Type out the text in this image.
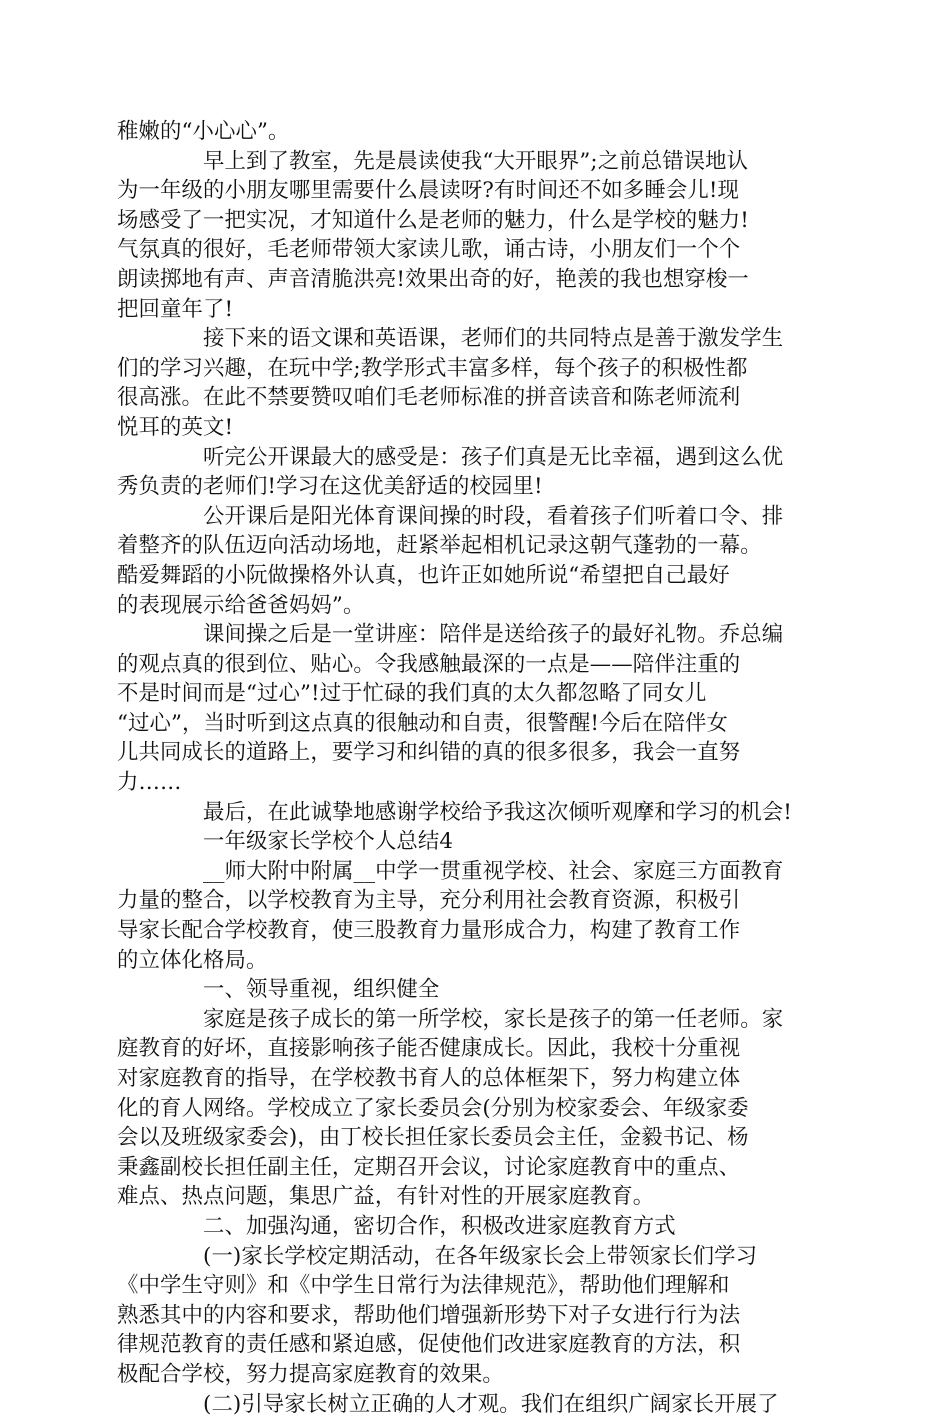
稚嫩的“小心心”。
早上到了教室，先是晨读使我“大开眼界”;之前总错误地认
为一年级的小朋友哪里需要什么晨读呀?有时间还不如多睡会儿!现
场感受了一把实况，才知道什么是老师的魅力，什么是学校的魅力!
气氛真的很好，毛老师带领大家读儿歌，诵古诗，小朋友们一个个
朗读掷地有声、声音清脆洪亮!效果出奇的好，艳羡的我也想穿梭一
把回童年了!
接下来的语文课和英语课，老师们的共同特点是善于激发学生
们的学习兴趣，在玩中学;教学形式丰富多样，每个孩子的积极性都
很高涨。在此不禁要赞叹咱们毛老师标准的拼音读音和陈老师流利
悦耳的英文!
听完公开课最大的感受是：孩子们真是无比幸福，遇到这么优
秀负责的老师们!学习在这优美舒适的校园里!
公开课后是阳光体育课间操的时段，看着孩子们听着口令、排
着整齐的队伍迈向活动场地，赶紧举起相机记录这朝气蓬勃的一幕。
酷爱舞蹈的小阮做操格外认真，也许正如她所说“希望把自己最好
的表现展示给爸爸妈妈”。
课间操之后是一堂讲座：陪伴是送给孩子的最好礼物。乔总编
的观点真的很到位、贴心。令我感触最深的一点是——陪伴注重的
不是时间而是“过心”!过于忙碌的我们真的太久都忽略了同女儿
“过心”，当时听到这点真的很触动和自责，很警醒!今后在陪伴女
儿共同成长的道路上，要学习和纠错的真的很多很多，我会一直努
力……
最后，在此诚挚地感谢学校给予我这次倾听观摩和学习的机会!
一年级家长学校个人总结4
__师大附中附属__中学一贯重视学校、社会、家庭三方面教育
力量的整合，以学校教育为主导，充分利用社会教育资源，积极引
导家长配合学校教育，使三股教育力量形成合力，构建了教育工作
的立体化格局。
一、领导重视，组织健全
家庭是孩子成长的第一所学校，家长是孩子的第一任老师。家
庭教育的好坏，直接影响孩子能否健康成长。因此，我校十分重视
对家庭教育的指导，在学校教书育人的总体框架下，努力构建立体
化的育人网络。学校成立了家长委员会(分别为校家委会、年级家委
会以及班级家委会)，由丁校长担任家长委员会主任，金毅书记、杨
秉鑫副校长担任副主任，定期召开会议，讨论家庭教育中的重点、
难点、热点问题，集思广益，有针对性的开展家庭教育。
二、加强沟通，密切合作，积极改进家庭教育方式
(一)家长学校定期活动，在各年级家长会上带领家长们学习
《中学生守则》和《中学生日常行为法律规范》，帮助他们理解和
熟悉其中的内容和要求，帮助他们增强新形势下对子女进行行为法
律规范教育的责任感和紧迫感，促使他们改进家庭教育的方法，积
极配合学校，努力提高家庭教育的效果。
(二)引导家长树立正确的人才观。我们在组织广阔家长开展了
